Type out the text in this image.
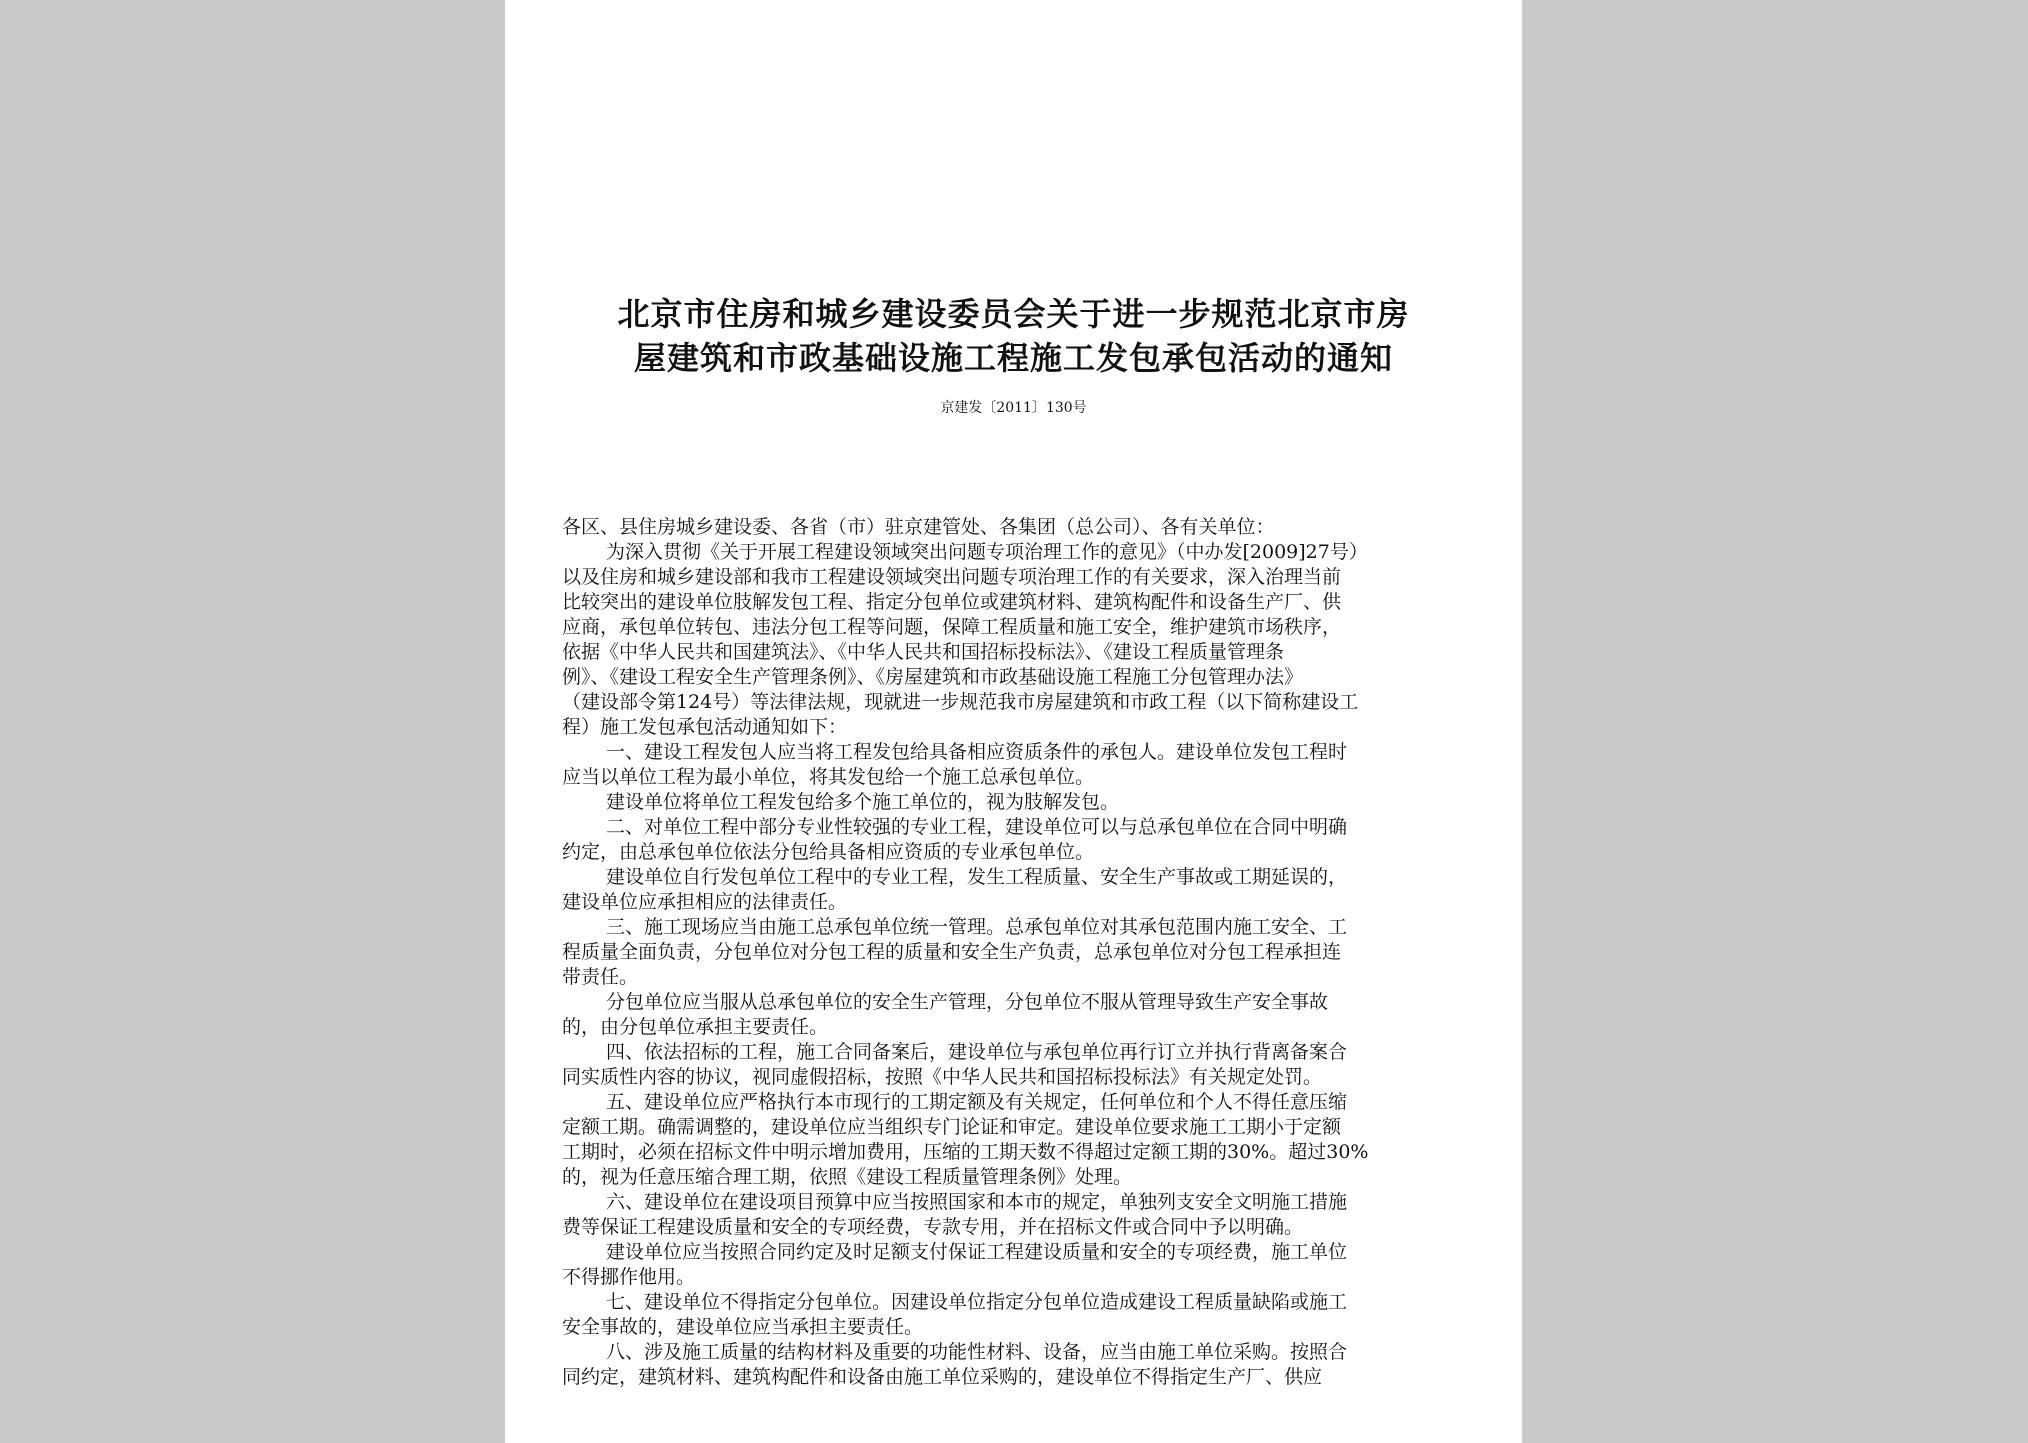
北京市住房和城乡建设委员会关于进一步规范北京市房
屋建筑和市政基础设施工程施工发包承包活动的通知
京建发〔2011〕130号
各区、县住房城乡建设委、各省（市）驻京建管处、各集团（总公司）、各有关单位：
为深入贯彻《关于开展工程建设领域突出问题专项治理工作的意见》（中办发[2009]27号）
以及住房和城乡建设部和我市工程建设领域突出问题专项治理工作的有关要求，深入治理当前
比较突出的建设单位肢解发包工程、指定分包单位或建筑材料、建筑构配件和设备生产厂、供
应商，承包单位转包、违法分包工程等问题，保障工程质量和施工安全，维护建筑市场秩序，
依据《中华人民共和国建筑法》、《中华人民共和国招标投标法》、《建设工程质量管理条
例》、《建设工程安全生产管理条例》、《房屋建筑和市政基础设施工程施工分包管理办法》
（建设部令第124号）等法律法规，现就进一步规范我市房屋建筑和市政工程（以下简称建设工
程）施工发包承包活动通知如下：
一、建设工程发包人应当将工程发包给具备相应资质条件的承包人。建设单位发包工程时
应当以单位工程为最小单位，将其发包给一个施工总承包单位。
建设单位将单位工程发包给多个施工单位的，视为肢解发包。
二、对单位工程中部分专业性较强的专业工程，建设单位可以与总承包单位在合同中明确
约定，由总承包单位依法分包给具备相应资质的专业承包单位。
建设单位自行发包单位工程中的专业工程，发生工程质量、安全生产事故或工期延误的，
建设单位应承担相应的法律责任。
三、施工现场应当由施工总承包单位统一管理。总承包单位对其承包范围内施工安全、工
程质量全面负责，分包单位对分包工程的质量和安全生产负责，总承包单位对分包工程承担连
带责任。
分包单位应当服从总承包单位的安全生产管理，分包单位不服从管理导致生产安全事故
的，由分包单位承担主要责任。
四、依法招标的工程，施工合同备案后，建设单位与承包单位再行订立并执行背离备案合
同实质性内容的协议，视同虚假招标，按照《中华人民共和国招标投标法》有关规定处罚。
五、建设单位应严格执行本市现行的工期定额及有关规定，任何单位和个人不得任意压缩
定额工期。确需调整的，建设单位应当组织专门论证和审定。建设单位要求施工工期小于定额
工期时，必须在招标文件中明示增加费用，压缩的工期天数不得超过定额工期的30%。超过30%
的，视为任意压缩合理工期，依照《建设工程质量管理条例》处理。
六、建设单位在建设项目预算中应当按照国家和本市的规定，单独列支安全文明施工措施
费等保证工程建设质量和安全的专项经费，专款专用，并在招标文件或合同中予以明确。
建设单位应当按照合同约定及时足额支付保证工程建设质量和安全的专项经费，施工单位
不得挪作他用。
七、建设单位不得指定分包单位。因建设单位指定分包单位造成建设工程质量缺陷或施工
安全事故的，建设单位应当承担主要责任。
八、涉及施工质量的结构材料及重要的功能性材料、设备，应当由施工单位采购。按照合
同约定，建筑材料、建筑构配件和设备由施工单位采购的，建设单位不得指定生产厂、供应
